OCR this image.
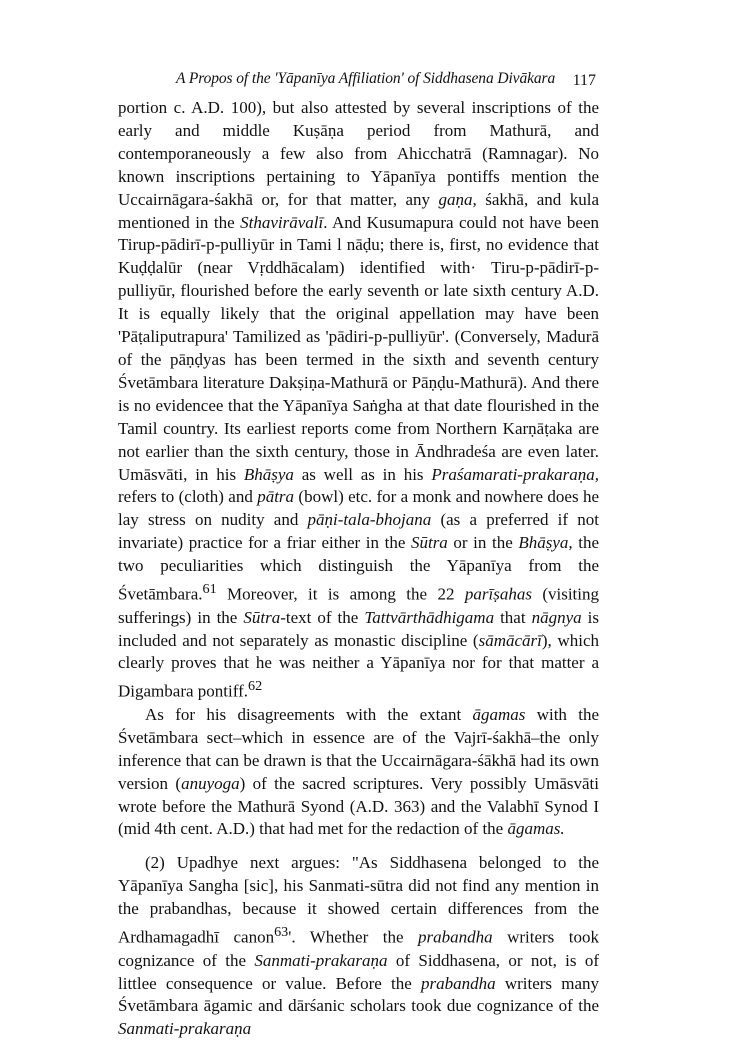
A Propos of the 'Yāpanīya Affiliation' of Siddhasena Divākara 117

portion c. A.D. 100), but also attested by several inscriptions of the early and middle Kuṣāṇa period from Mathurā, and contemporaneously a few also from Ahicchatrā (Ramnagar). No known inscriptions pertaining to Yāpanīya pontiffs mention the Uccairnāgara-śakhā or, for that matter, any gaṇa, śakhā, and kula mentioned in the Sthavirāvalī. And Kusumapura could not have been Tirup-pādirī-p-pulliyūr in Tami l nāḍu; there is, first, no evidence that Kuḍḍalūr (near Vṛddhācalam) identified with· Tiru-p-pādirī-p-pulliyūr, flourished before the early seventh or late sixth century A.D. It is equally likely that the original appellation may have been 'Pāṭaliputrapura' Tamilized as 'pādiri-p-pulliyūr'. (Conversely, Madurā of the pāṇḍyas has been termed in the sixth and seventh century Śvetāmbara literature Dakṣiṇa-Mathurā or Pāṇḍu-Mathurā). And there is no evidencee that the Yāpanīya Saṅgha at that date flourished in the Tamil country. Its earliest reports come from Northern Karṇāṭaka are not earlier than the sixth century, those in Āndhradeśa are even later. Umāsvāti, in his Bhāṣya as well as in his Praśamarati-prakaraṇa, refers to (cloth) and pātra (bowl) etc. for a monk and nowhere does he lay stress on nudity and pāṇi-tala-bhojana (as a preferred if not invariate) practice for a friar either in the Sūtra or in the Bhāṣya, the two peculiarities which distinguish the Yāpanīya from the Śvetāmbara.$^{61}$ Moreover, it is among the 22 parīṣahas (visiting sufferings) in the Sūtra-text of the Tattvārthādhigama that nāgnya is included and not separately as monastic discipline (sāmācārī), which clearly proves that he was neither a Yāpanīya nor for that matter a Digambara pontiff.$^{62}$

As for his disagreements with the extant āgamas with the Śvetāmbara sect–which in essence are of the Vajrī-śakhā–the only inference that can be drawn is that the Uccairnāgara-śākhā had its own version (anuyoga) of the sacred scriptures. Very possibly Umāsvāti wrote before the Mathurā Syond (A.D. 363) and the Valabhī Synod I (mid 4th cent. A.D.) that had met for the redaction of the āgamas.

(2) Upadhye next argues: "As Siddhasena belonged to the Yāpanīya Sangha [sic], his Sanmati-sūtra did not find any mention in the prabandhas, because it showed certain differences from the Ardhamagadhī canon$^{63}$'. Whether the prabandha writers took cognizance of the Sanmati-prakaraṇa of Siddhasena, or not, is of littlee consequence or value. Before the prabandha writers many Śvetāmbara āgamic and dārśanic scholars took due cognizance of the Sanmati-prakaraṇa
